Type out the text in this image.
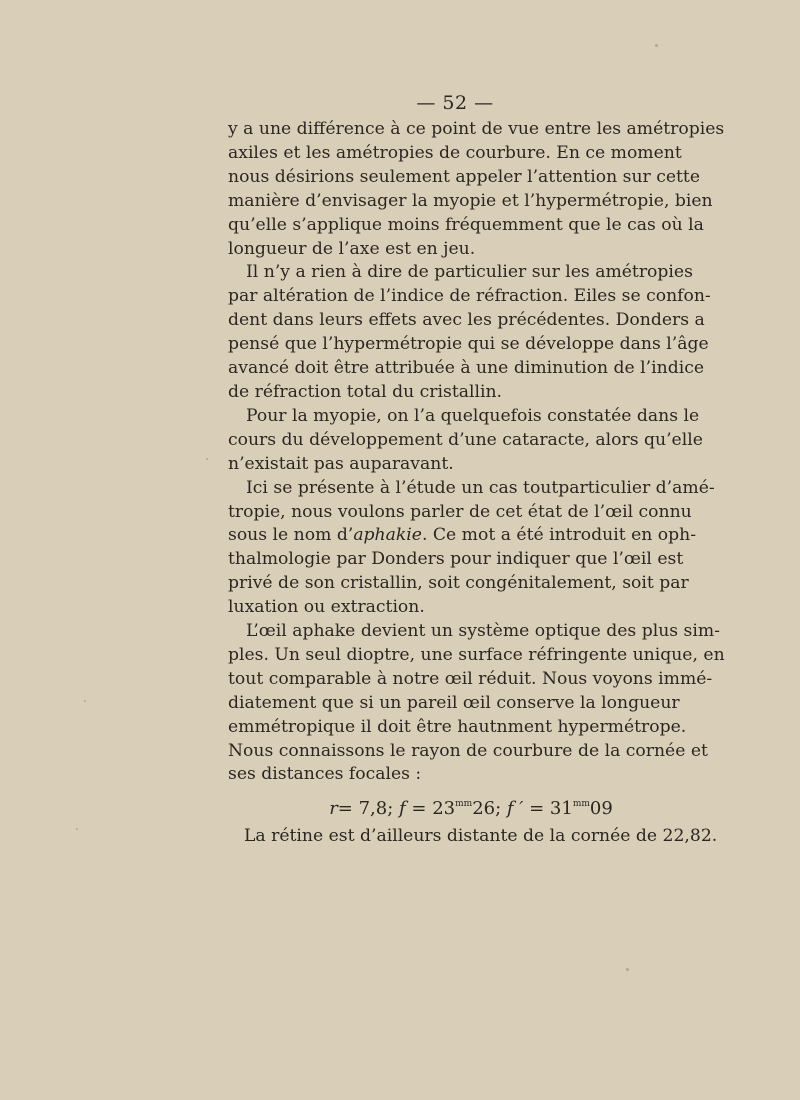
— 52 —
y a une différence à ce point de vue entre les amétropies
axiles et les amétropies de courbure. En ce moment
nous désirions seulement appeler l’attention sur cette
manière d’envisager la myopie et l’hypermétropie, bien
qu’elle s’applique moins fréquemment que le cas où la
longueur de l’axe est en jeu.
Il n’y a rien à dire de particulier sur les amétropies
par altération de l’indice de réfraction. Eiles se confon-
dent dans leurs effets avec les précédentes. Donders a
pensé que l’hypermétropie qui se développe dans l’âge
avancé doit être attribuée à une diminution de l’indice
de réfraction total du cristallin.
Pour la myopie, on l’a quelquefois constatée dans le
cours du développement d’une cataracte, alors qu’elle
n’existait pas auparavant.
Ici se présente à l’étude un cas toutparticulier d’amé-
tropie, nous voulons parler de cet état de l’œil connu
sous le nom d’aphakie. Ce mot a été introduit en oph-
thalmologie par Donders pour indiquer que l’œil est
privé de son cristallin, soit congénitalement, soit par
luxation ou extraction.
L’œil aphake devient un système optique des plus sim-
ples. Un seul dioptre, une surface réfringente unique, en
tout comparable à notre œil réduit. Nous voyons immé-
diatement que si un pareil œil conserve la longueur
emmétropique il doit être hautnment hypermétrope.
Nous connaissons le rayon de courbure de la cornée et
ses distances focales :
r= 7,8; $f = 23^{mm}26$; f ′ = $31^{mm}09$
La rétine est d’ailleurs distante de la cornée de 22,82.
